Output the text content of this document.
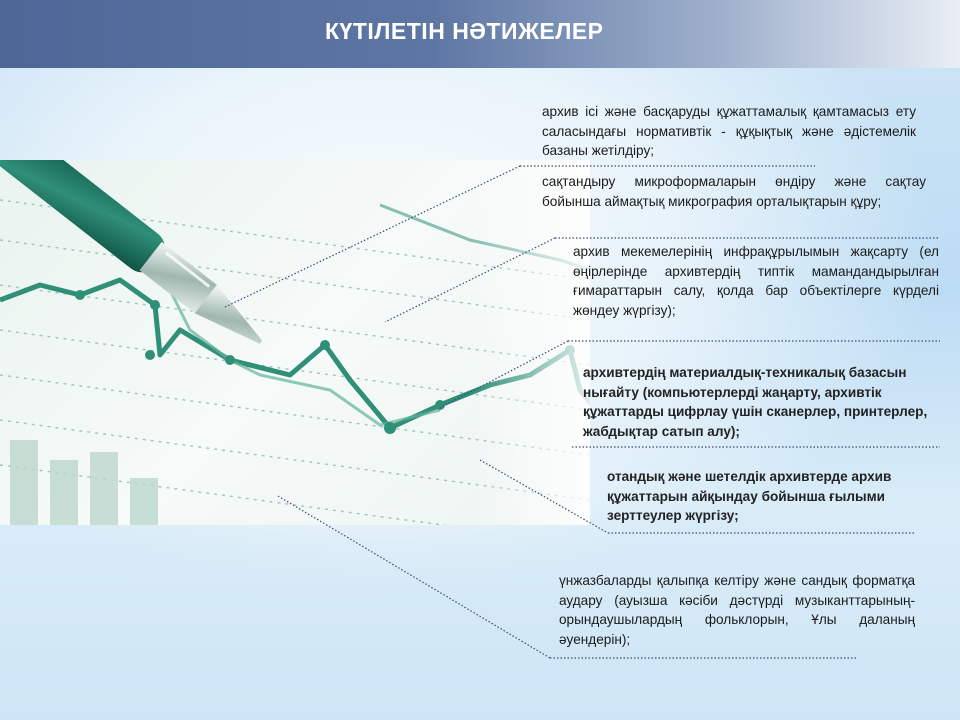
КҮТІЛЕТІН НӘТИЖЕЛЕР
архив ісі және басқаруды құжаттамалық қамтамасыз ету саласындағы нормативтік - құқықтық және әдістемелік базаны жетілдіру;
сақтандыру микроформаларын өндіру және сақтау бойынша аймақтық микрография орталықтарын құру;
архив мекемелерінің инфрақұрылымын жақсарту (ел өңірлерінде архивтердің типтік мамандандырылған ғимараттарын салу, қолда бар объектілерге күрделі жөндеу жүргізу);
архивтердің материалдық-техникалық базасын нығайту (компьютерлерді жаңарту, архивтік құжаттарды цифрлау үшін сканерлер, принтерлер, жабдықтар сатып алу);
отандық және шетелдік архивтерде архив құжаттарын айқындау бойынша ғылыми зерттеулер жүргізу;
үнжазбаларды қалыпқа келтіру және сандық форматқа аудару (ауызша кәсіби дәстүрді музыканттарының-орындаушылардың фольклорын, Ұлы даланың әуендерін);
